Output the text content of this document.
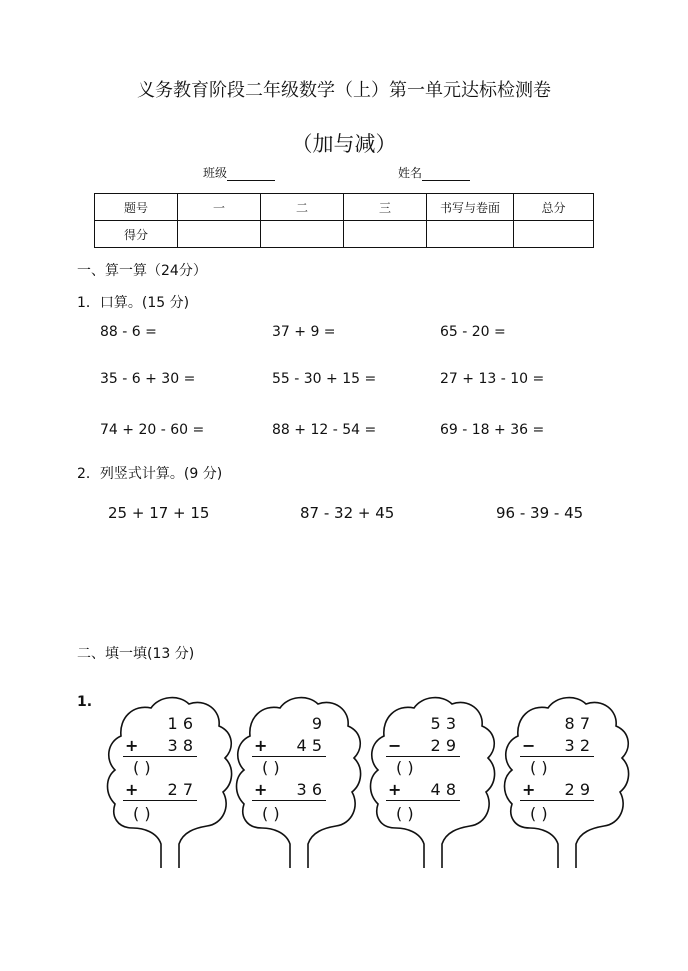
义务教育阶段二年级数学（上）第一单元达标检测卷
（加与减）
班级	姓名
题号	一	二	三	书写与卷面	总分
得分					
一、算一算（24分）
1．口算。(15 分)
88 - 6 =	37 + 9 =	65 - 20 =
35 - 6 + 30 =	55 - 30 + 15 =	27 + 13 - 10 =
74 + 20 - 60 =	88 + 12 - 54 =	69 - 18 + 36 =
2．列竖式计算。(9 分)
25 + 17 + 15	87 - 32 + 45	96 - 39 - 45
二、填一填(13 分)
1.
1 6
+ 3 8
( )
+ 2 7
( )
9
+ 4 5
( )
+ 3 6
( )
5 3
− 2 9
( )
+ 4 8
( )
8 7
− 3 2
( )
+ 2 9
( )
